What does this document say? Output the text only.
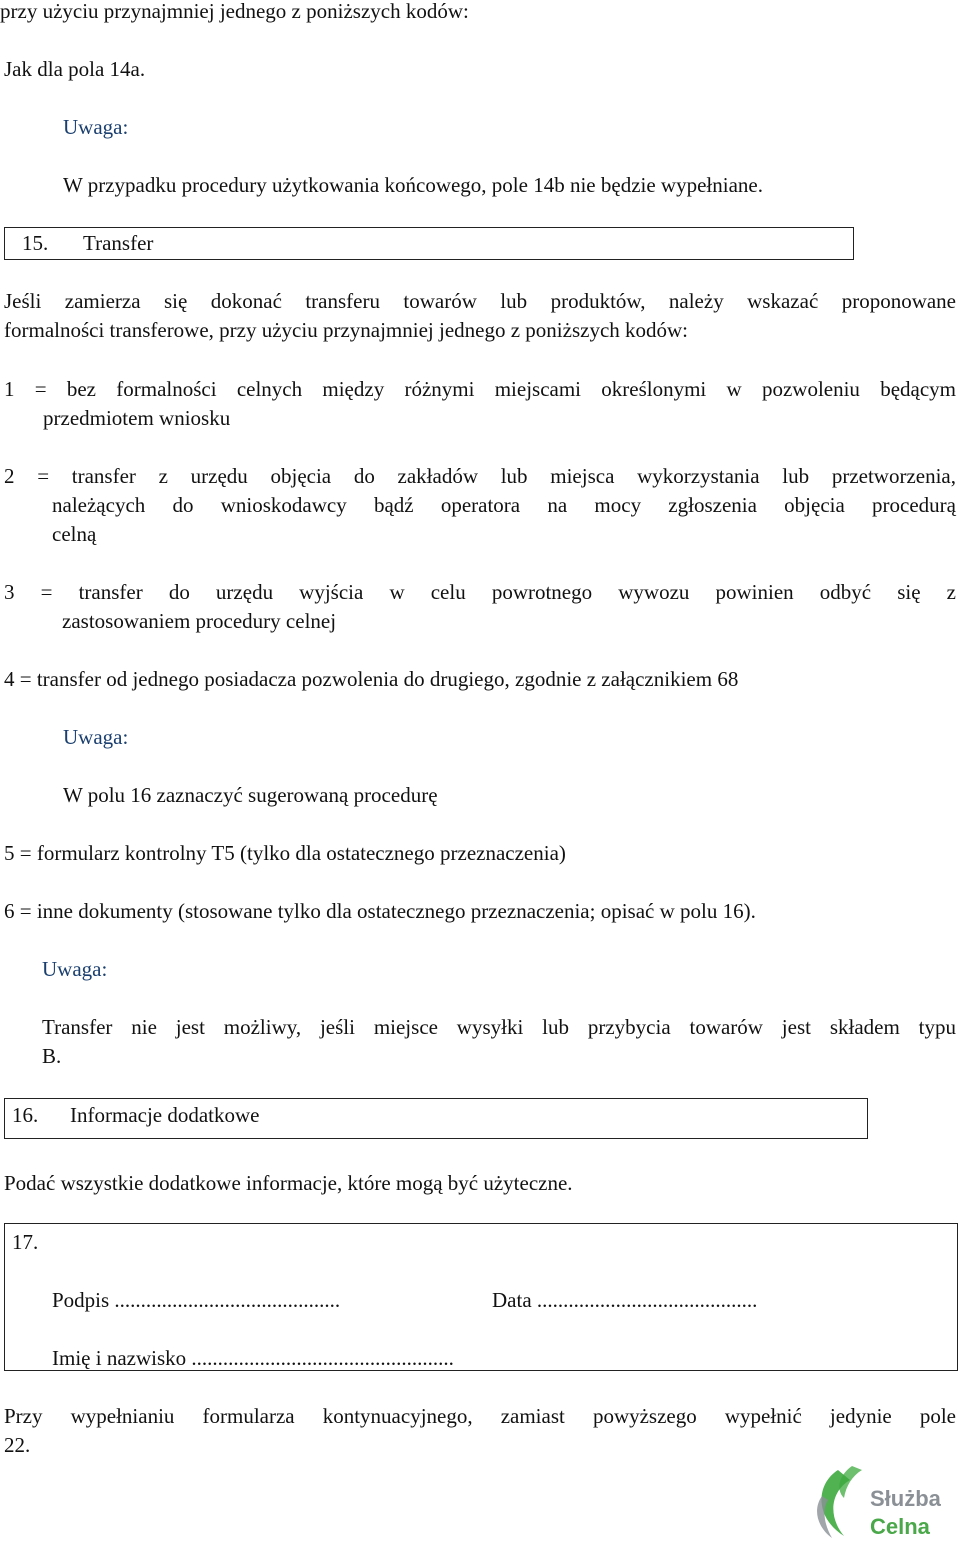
przy użyciu przynajmniej jednego z poniższych kodów:
Jak dla pola 14a.
Uwaga:
W przypadku procedury użytkowania końcowego, pole 14b nie będzie wypełniane.
15. Transfer
Jeśli zamierza się dokonać transferu towarów lub produktów, należy wskazać proponowane
formalności transferowe, przy użyciu przynajmniej jednego z poniższych kodów:
1 = bez formalności celnych między różnymi miejscami określonymi w pozwoleniu będącym
przedmiotem wniosku
2 = transfer z urzędu objęcia do zakładów lub miejsca wykorzystania lub przetworzenia,
należących do wnioskodawcy bądź operatora na mocy zgłoszenia objęcia procedurą
celną
3 = transfer do urzędu wyjścia w celu powrotnego wywozu powinien odbyć się z
zastosowaniem procedury celnej
4 = transfer od jednego posiadacza pozwolenia do drugiego, zgodnie z załącznikiem 68
Uwaga:
W polu 16 zaznaczyć sugerowaną procedurę
5 = formularz kontrolny T5 (tylko dla ostatecznego przeznaczenia)
6 = inne dokumenty (stosowane tylko dla ostatecznego przeznaczenia; opisać w polu 16).
Uwaga:
Transfer nie jest możliwy, jeśli miejsce wysyłki lub przybycia towarów jest składem typu
B.
16. Informacje dodatkowe
Podać wszystkie dodatkowe informacje, które mogą być użyteczne.
17.
Podpis ...........................................	Data ..........................................
Imię i nazwisko ..................................................
Przy wypełnianiu formularza kontynuacyjnego, zamiast powyższego wypełnić jedynie pole
22.
Służba
Celna
